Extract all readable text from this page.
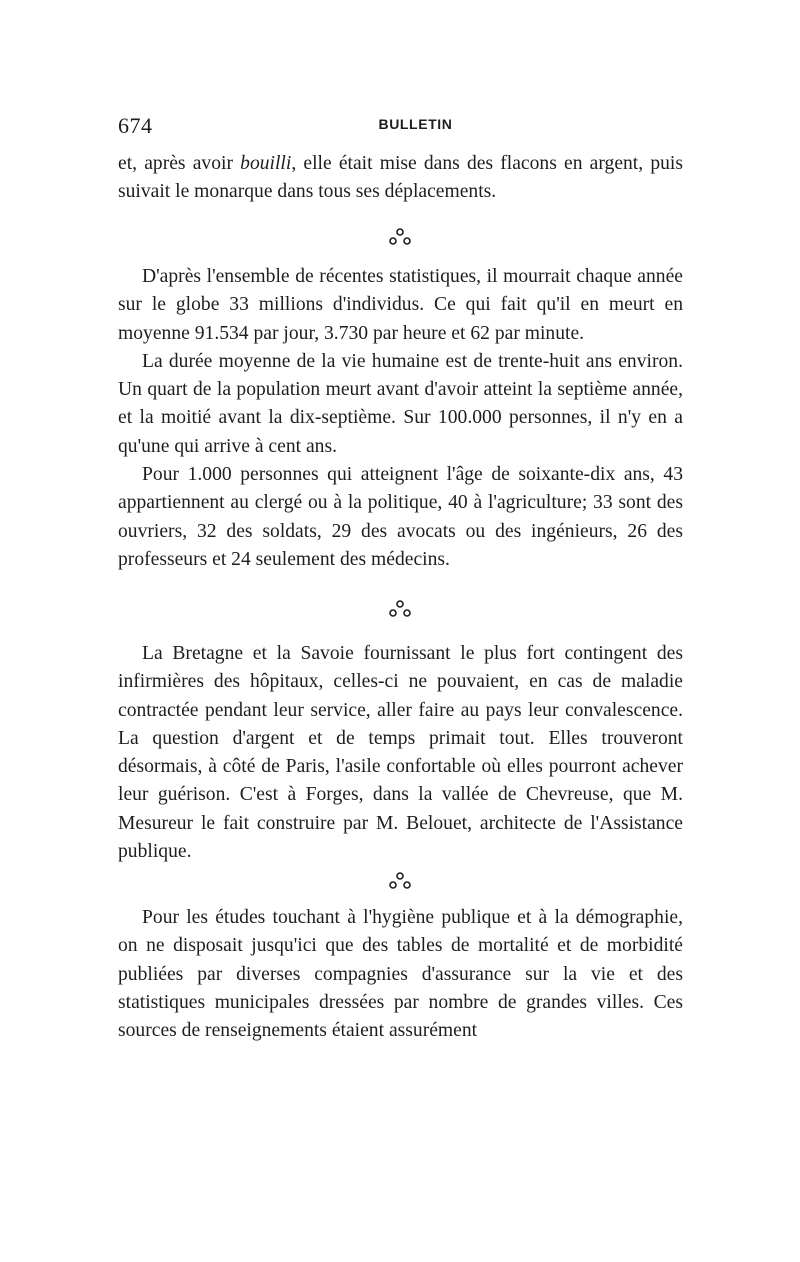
674	BULLETIN

et, après avoir bouilli, elle était mise dans des flacons en argent, puis suivait le monarque dans tous ses déplacements.

D'après l'ensemble de récentes statistiques, il mourrait chaque année sur le globe 33 millions d'individus. Ce qui fait qu'il en meurt en moyenne 91.534 par jour, 3.730 par heure et 62 par minute.

La durée moyenne de la vie humaine est de trente-huit ans environ. Un quart de la population meurt avant d'avoir atteint la septième année, et la moitié avant la dix-septième. Sur 100.000 personnes, il n'y en a qu'une qui arrive à cent ans.

Pour 1.000 personnes qui atteignent l'âge de soixante-dix ans, 43 appartiennent au clergé ou à la politique, 40 à l'agriculture; 33 sont des ouvriers, 32 des soldats, 29 des avocats ou des ingénieurs, 26 des professeurs et 24 seulement des médecins.

La Bretagne et la Savoie fournissant le plus fort contingent des infirmières des hôpitaux, celles-ci ne pouvaient, en cas de maladie contractée pendant leur service, aller faire au pays leur convalescence. La question d'argent et de temps primait tout. Elles trouveront désormais, à côté de Paris, l'asile confortable où elles pourront achever leur guérison. C'est à Forges, dans la vallée de Chevreuse, que M. Mesureur le fait construire par M. Belouet, architecte de l'Assistance publique.

Pour les études touchant à l'hygiène publique et à la démographie, on ne disposait jusqu'ici que des tables de mortalité et de morbidité publiées par diverses compagnies d'assurance sur la vie et des statistiques municipales dressées par nombre de grandes villes. Ces sources de renseignements étaient assurément
